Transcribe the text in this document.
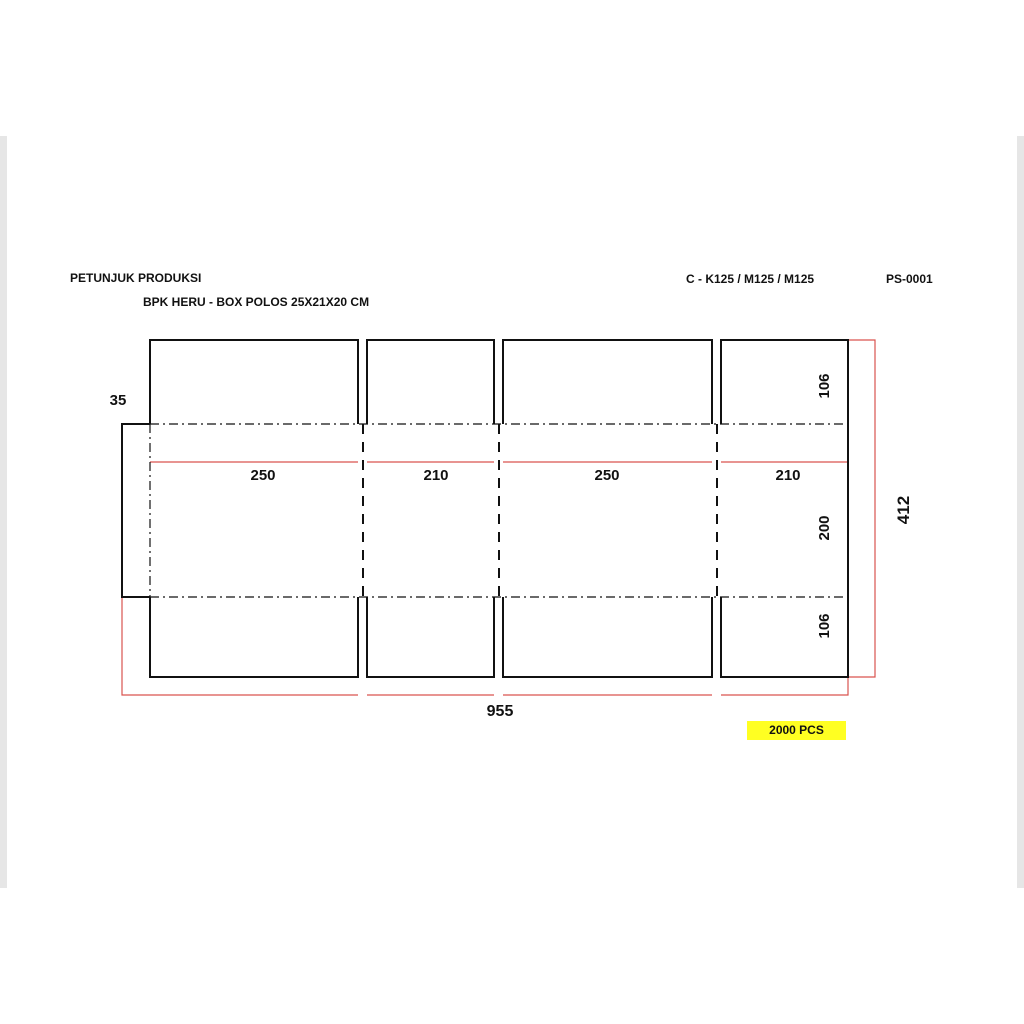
PETUNJUK PRODUKSI
BPK HERU - BOX POLOS 25X21X20 CM
C - K125 / M125 / M125	PS-0001
35
250	210	250	210
955
106
200
106
412
2000 PCS
